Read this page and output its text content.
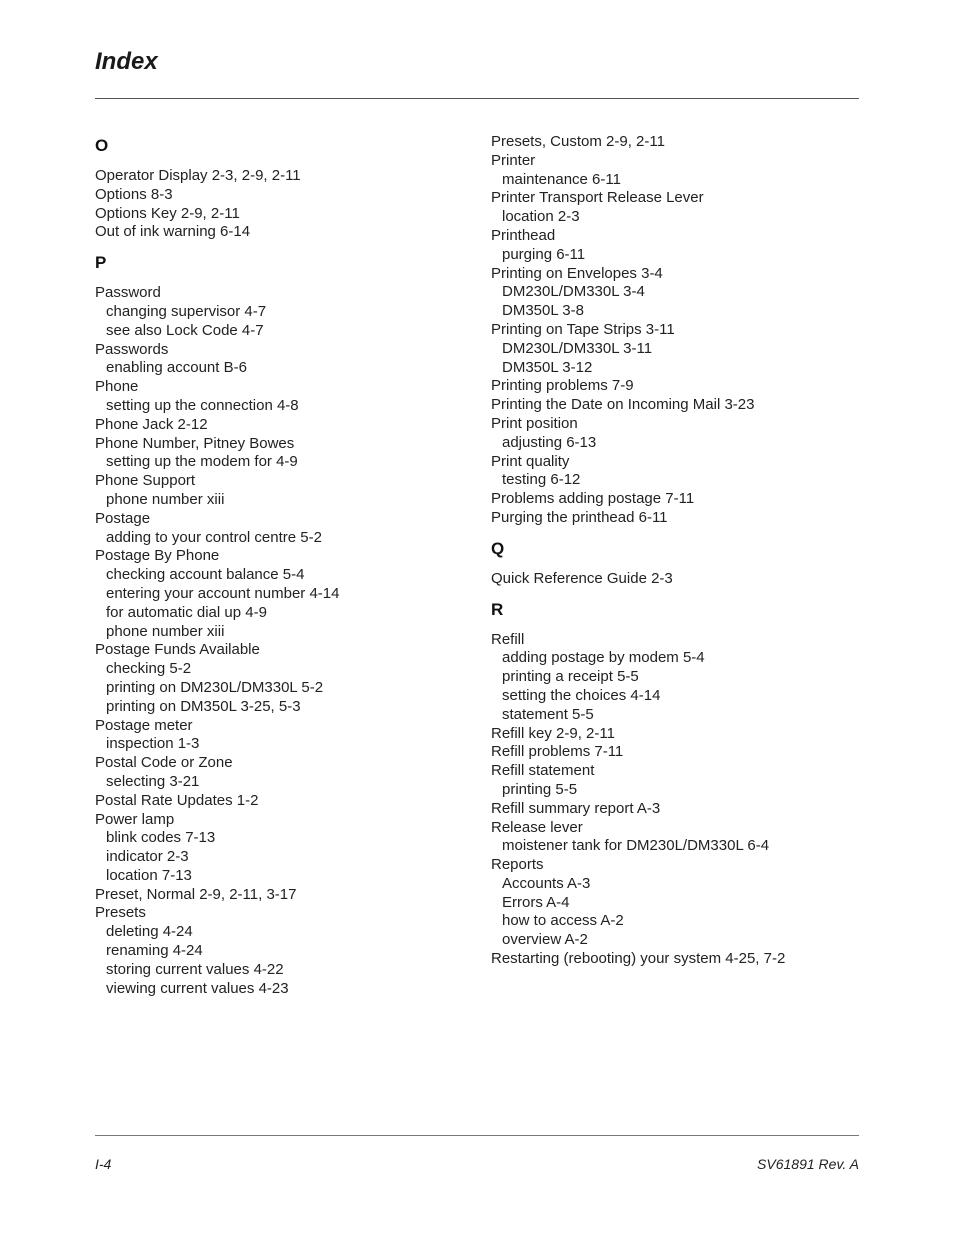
Index
O
Operator Display 2-3, 2-9, 2-11
Options 8-3
Options Key 2-9, 2-11
Out of ink warning 6-14
P
Password
changing supervisor 4-7
see also Lock Code 4-7
Passwords
enabling account B-6
Phone
setting up the connection 4-8
Phone Jack 2-12
Phone Number, Pitney Bowes
setting up the modem for 4-9
Phone Support
phone number xiii
Postage
adding to your control centre 5-2
Postage By Phone
checking account balance 5-4
entering your account number 4-14
for automatic dial up 4-9
phone number xiii
Postage Funds Available
checking 5-2
printing on DM230L/DM330L 5-2
printing on DM350L 3-25, 5-3
Postage meter
inspection 1-3
Postal Code or Zone
selecting 3-21
Postal Rate Updates 1-2
Power lamp
blink codes 7-13
indicator 2-3
location 7-13
Preset, Normal 2-9, 2-11, 3-17
Presets
deleting 4-24
renaming 4-24
storing current values 4-22
viewing current values 4-23
Presets, Custom 2-9, 2-11
Printer
maintenance 6-11
Printer Transport Release Lever
location 2-3
Printhead
purging 6-11
Printing on Envelopes 3-4
DM230L/DM330L 3-4
DM350L 3-8
Printing on Tape Strips 3-11
DM230L/DM330L 3-11
DM350L 3-12
Printing problems 7-9
Printing the Date on Incoming Mail 3-23
Print position
adjusting 6-13
Print quality
testing 6-12
Problems adding postage 7-11
Purging the printhead 6-11
Q
Quick Reference Guide 2-3
R
Refill
adding postage by modem 5-4
printing a receipt 5-5
setting the choices 4-14
statement 5-5
Refill key 2-9, 2-11
Refill problems 7-11
Refill statement
printing 5-5
Refill summary report A-3
Release lever
moistener tank for DM230L/DM330L 6-4
Reports
Accounts A-3
Errors A-4
how to access A-2
overview A-2
Restarting (rebooting) your system 4-25, 7-2
I-4	SV61891 Rev. A
